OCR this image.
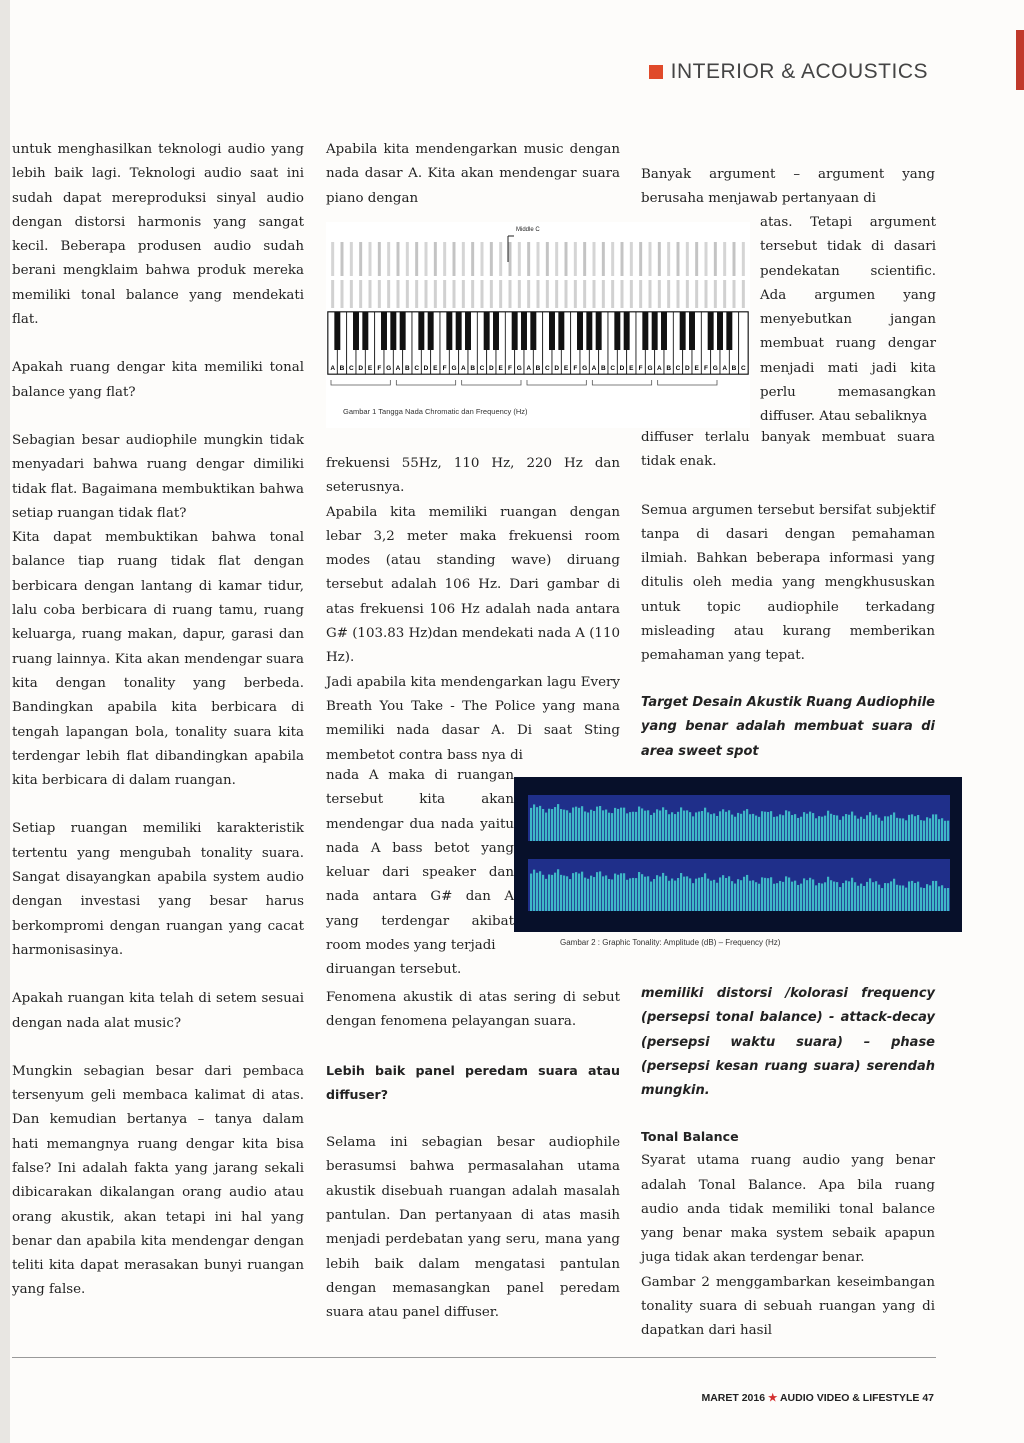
INTERIOR & ACOUSTICS

untuk menghasilkan teknologi audio yang lebih baik lagi. Teknologi audio saat ini sudah dapat mereproduksi sinyal audio dengan distorsi harmonis yang sangat kecil. Beberapa produsen audio sudah berani mengklaim bahwa produk mereka memiliki tonal balance yang mendekati flat.

Apakah ruang dengar kita memiliki tonal balance yang flat?

Sebagian besar audiophile mungkin tidak menyadari bahwa ruang dengar dimiliki tidak flat. Bagaimana membuktikan bahwa setiap ruangan tidak flat?

Kita dapat membuktikan bahwa tonal balance tiap ruang tidak flat dengan berbicara dengan lantang di kamar tidur, lalu coba berbicara di ruang tamu, ruang keluarga, ruang makan, dapur, garasi dan ruang lainnya. Kita akan mendengar suara kita dengan tonality yang berbeda. Bandingkan apabila kita berbicara di tengah lapangan bola, tonality suara kita terdengar lebih flat dibandingkan apabila kita berbicara di dalam ruangan.

Setiap ruangan memiliki karakteristik tertentu yang mengubah tonality suara. Sangat disayangkan apabila system audio dengan investasi yang besar harus berkompromi dengan ruangan yang cacat harmonisasinya.

Apakah ruangan kita telah di setem sesuai dengan nada alat music?

Mungkin sebagian besar dari pembaca tersenyum geli membaca kalimat di atas. Dan kemudian bertanya – tanya dalam hati memangnya ruang dengar kita bisa false? Ini adalah fakta yang jarang sekali dibicarakan dikalangan orang audio atau orang akustik, akan tetapi ini hal yang benar dan apabila kita mendengar dengan teliti kita dapat merasakan bunyi ruangan yang false.

Apabila kita mendengarkan music dengan nada dasar A. Kita akan mendengar suara piano dengan

Middle C
A B C D E F G A B C D E F G A B C D E F G A B C D E F G A B C D E F G A B C D E F G A B C
Gambar 1 Tangga Nada Chromatic dan Frequency (Hz)

frekuensi 55Hz, 110 Hz, 220 Hz dan seterusnya.

Apabila kita memiliki ruangan dengan lebar 3,2 meter maka frekuensi room modes (atau standing wave) diruang tersebut adalah 106 Hz. Dari gambar di atas frekuensi 106 Hz adalah nada antara G# (103.83 Hz)dan mendekati nada A (110 Hz).

Jadi apabila kita mendengarkan lagu Every Breath You Take - The Police yang mana memiliki nada dasar A. Di saat Sting membetot contra bass nya di

nada A maka di ruangan tersebut kita akan mendengar dua nada yaitu nada A bass betot yang keluar dari speaker dan nada antara G# dan A yang terdengar akibat room modes yang terjadi

diruangan tersebut.

Fenomena akustik di atas sering di sebut dengan fenomena pelayangan suara.

Lebih baik panel peredam suara atau diffuser?

Selama ini sebagian besar audiophile berasumsi bahwa permasalahan utama akustik disebuah ruangan adalah masalah pantulan. Dan pertanyaan di atas masih menjadi perdebatan yang seru, mana yang lebih baik dalam mengatasi pantulan dengan memasangkan panel peredam suara atau panel diffuser.

Banyak argument – argument yang berusaha menjawab pertanyaan di

atas. Tetapi argument tersebut tidak di dasari pendekatan scientific. Ada argumen yang menyebutkan jangan membuat ruang dengar menjadi mati jadi kita perlu memasangkan diffuser. Atau sebaliknya

diffuser terlalu banyak membuat suara tidak enak.

Semua argumen tersebut bersifat subjektif tanpa di dasari dengan pemahaman ilmiah. Bahkan beberapa informasi yang ditulis oleh media yang mengkhususkan untuk topic audiophile terkadang misleading atau kurang memberikan pemahaman yang tepat.

Target Desain Akustik Ruang Audiophile yang benar adalah membuat suara di area sweet spot

Gambar 2 : Graphic Tonality: Amplitude (dB) – Frequency (Hz)

memiliki distorsi /kolorasi frequency (persepsi tonal balance) - attack-decay (persepsi waktu suara) – phase (persepsi kesan ruang suara) serendah mungkin.

Tonal Balance

Syarat utama ruang audio yang benar adalah Tonal Balance. Apa bila ruang audio anda tidak memiliki tonal balance yang benar maka system sebaik apapun juga tidak akan terdengar benar.

Gambar 2 menggambarkan keseimbangan tonality suara di sebuah ruangan yang di dapatkan dari hasil

MARET 2016 ★ AUDIO VIDEO & LIFESTYLE 47
